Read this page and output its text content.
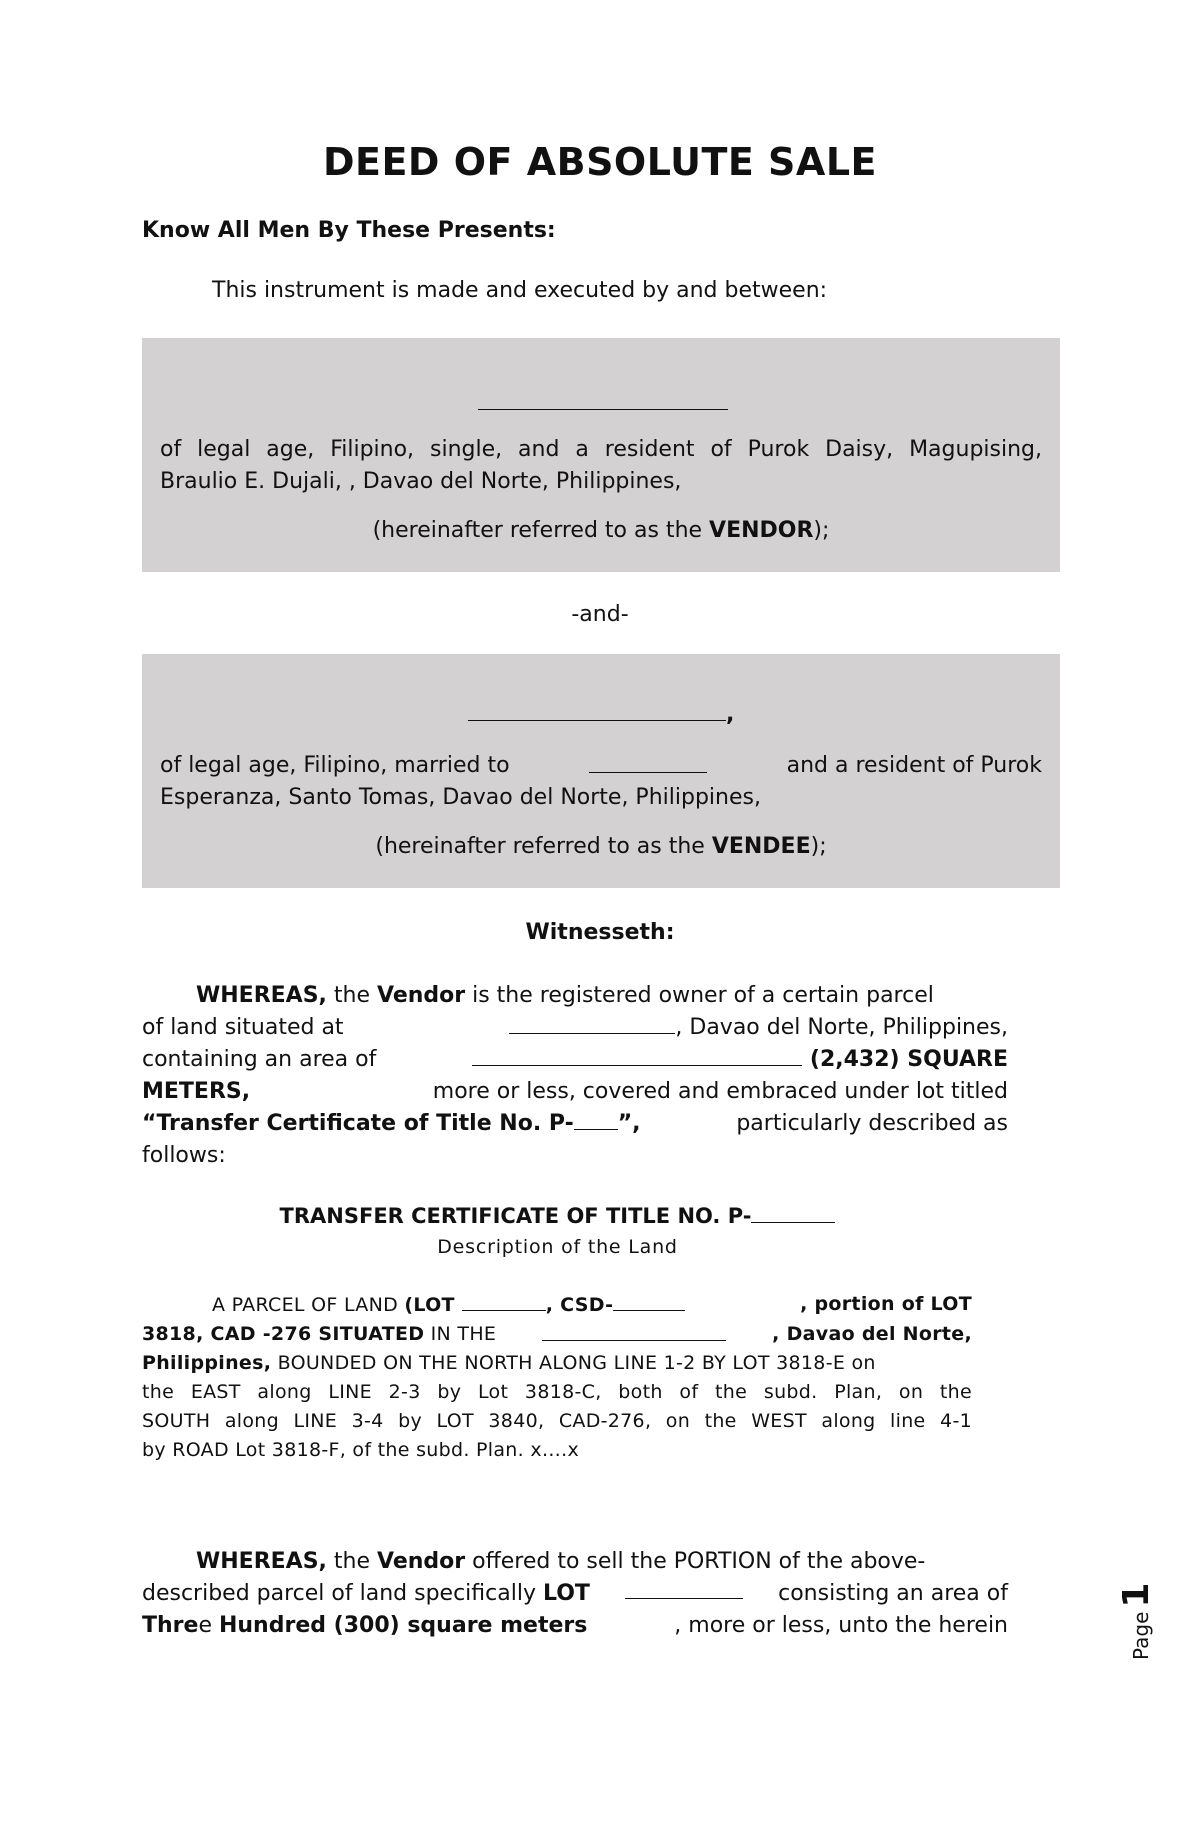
DEED OF ABSOLUTE SALE
Know All Men By These Presents:
This instrument is made and executed by and between:
of legal age, Filipino, single, and a resident of Purok Daisy, Magupising,
Braulio E. Dujali, , Davao del Norte, Philippines,
(hereinafter referred to as the VENDOR);
-and-
,
of legal age, Filipino, married to	and a resident of Purok
Esperanza, Santo Tomas, Davao del Norte, Philippines,
(hereinafter referred to as the VENDEE);
Witnesseth:
WHEREAS, the Vendor is the registered owner of a certain parcel
of land situated at	, Davao del Norte, Philippines,
containing an area of	(2,432) SQUARE
METERS,	more or less, covered and embraced under lot titled
“Transfer Certificate of Title No. P- ”,	particularly described as
follows:
TRANSFER CERTIFICATE OF TITLE NO. P-
Description of the Land
A PARCEL OF LAND (LOT	, CSD-	, portion of LOT
3818, CAD -276 SITUATED IN THE	, Davao del Norte,
Philippines, BOUNDED ON THE NORTH ALONG LINE 1-2 BY LOT 3818-E on
the EAST along LINE 2-3 by Lot 3818-C, both of the subd. Plan, on the
SOUTH along LINE 3-4 by LOT 3840, CAD-276, on the WEST along line 4-1
by ROAD Lot 3818-F, of the subd. Plan. x….x
WHEREAS, the Vendor offered to sell the PORTION of the above-
described parcel of land specifically LOT	consisting an area of
Three Hundred (300) square meters	, more or less, unto the herein	Page1
